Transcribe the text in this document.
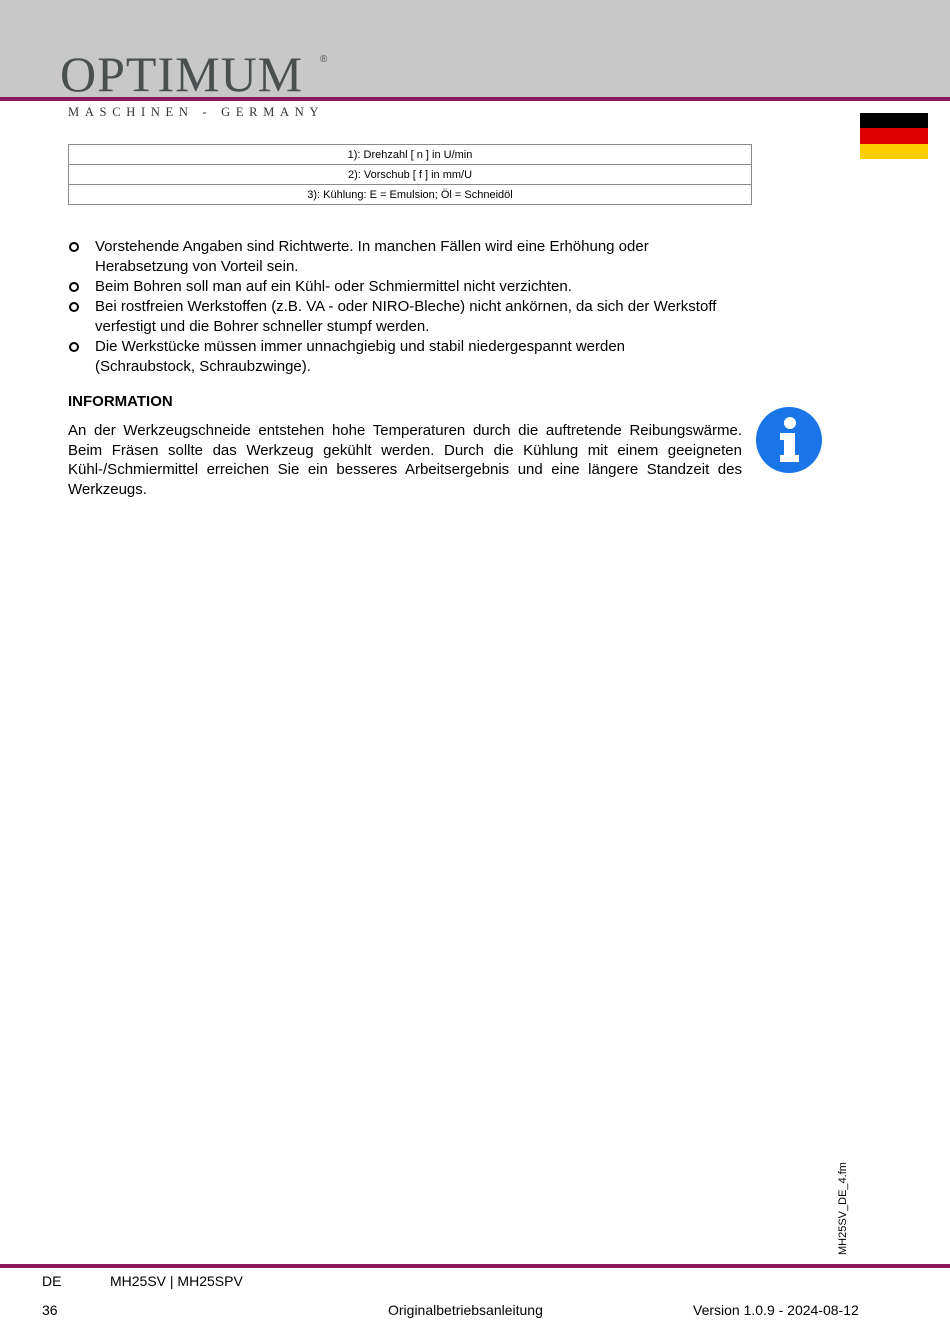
OPTIMUM ®
MASCHINEN - GERMANY
1): Drehzahl [ n ] in U/min
2): Vorschub [ f ] in mm/U
3): Kühlung: E = Emulsion; Öl = Schneidöl
Vorstehende Angaben sind Richtwerte. In manchen Fällen wird eine Erhöhung oder Herabsetzung von Vorteil sein.
Beim Bohren soll man auf ein Kühl- oder Schmiermittel nicht verzichten.
Bei rostfreien Werkstoffen (z.B. VA - oder NIRO-Bleche) nicht ankörnen, da sich der Werkstoff verfestigt und die Bohrer schneller stumpf werden.
Die Werkstücke müssen immer unnachgiebig und stabil niedergespannt werden (Schraubstock, Schraubzwinge).
INFORMATION
An der Werkzeugschneide entstehen hohe Temperaturen durch die auftretende Reibungswärme. Beim Fräsen sollte das Werkzeug gekühlt werden. Durch die Kühlung mit einem geeigneten Kühl-/Schmiermittel erreichen Sie ein besseres Arbeitsergebnis und eine längere Standzeit des Werkzeugs.
MH25SV_DE_4.fm
DE	MH25SV | MH25SPV
36	Originalbetriebsanleitung	Version 1.0.9 - 2024-08-12
